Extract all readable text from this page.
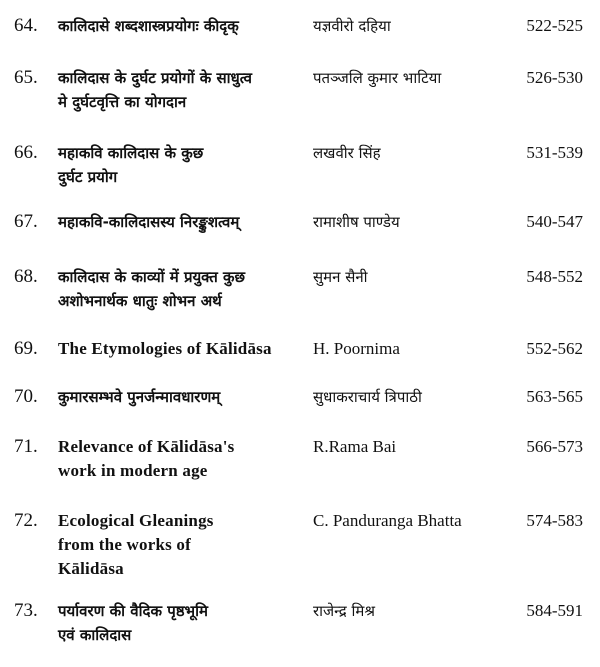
64. कालिदासे शब्दशास्त्रप्रयोगः कीदृक्	यज्ञवीरो दहिया	522-525
65. कालिदास के दुर्घट प्रयोगों के साधुत्व
मे दुर्घटवृत्ति का योगदान
पतञ्जलि कुमार भाटिया	526-530
66. महाकवि कालिदास के कुछ
दुर्घट प्रयोग
लखवीर सिंह	531-539
67. महाकवि-कालिदासस्य निरङ्कुशत्वम्	रामाशीष पाण्डेय	540-547
68. कालिदास के काव्यों में प्रयुक्त कुछ
अशोभनार्थक धातुः शोभन अर्थ
सुमन सैनी	548-552
69. The Etymologies of Kālidāsa	H. Poornima	552-562
70. कुमारसम्भवे पुनर्जन्मावधारणम्	सुधाकराचार्य त्रिपाठी	563-565
71. Relevance of Kālidāsa's
work in modern age
R.Rama Bai	566-573
72. Ecological Gleanings
from the works of
Kālidāsa
C. Panduranga Bhatta	574-583
73. पर्यावरण की वैदिक पृष्ठभूमि
एवं कालिदास
राजेन्द्र मिश्र	584-591
